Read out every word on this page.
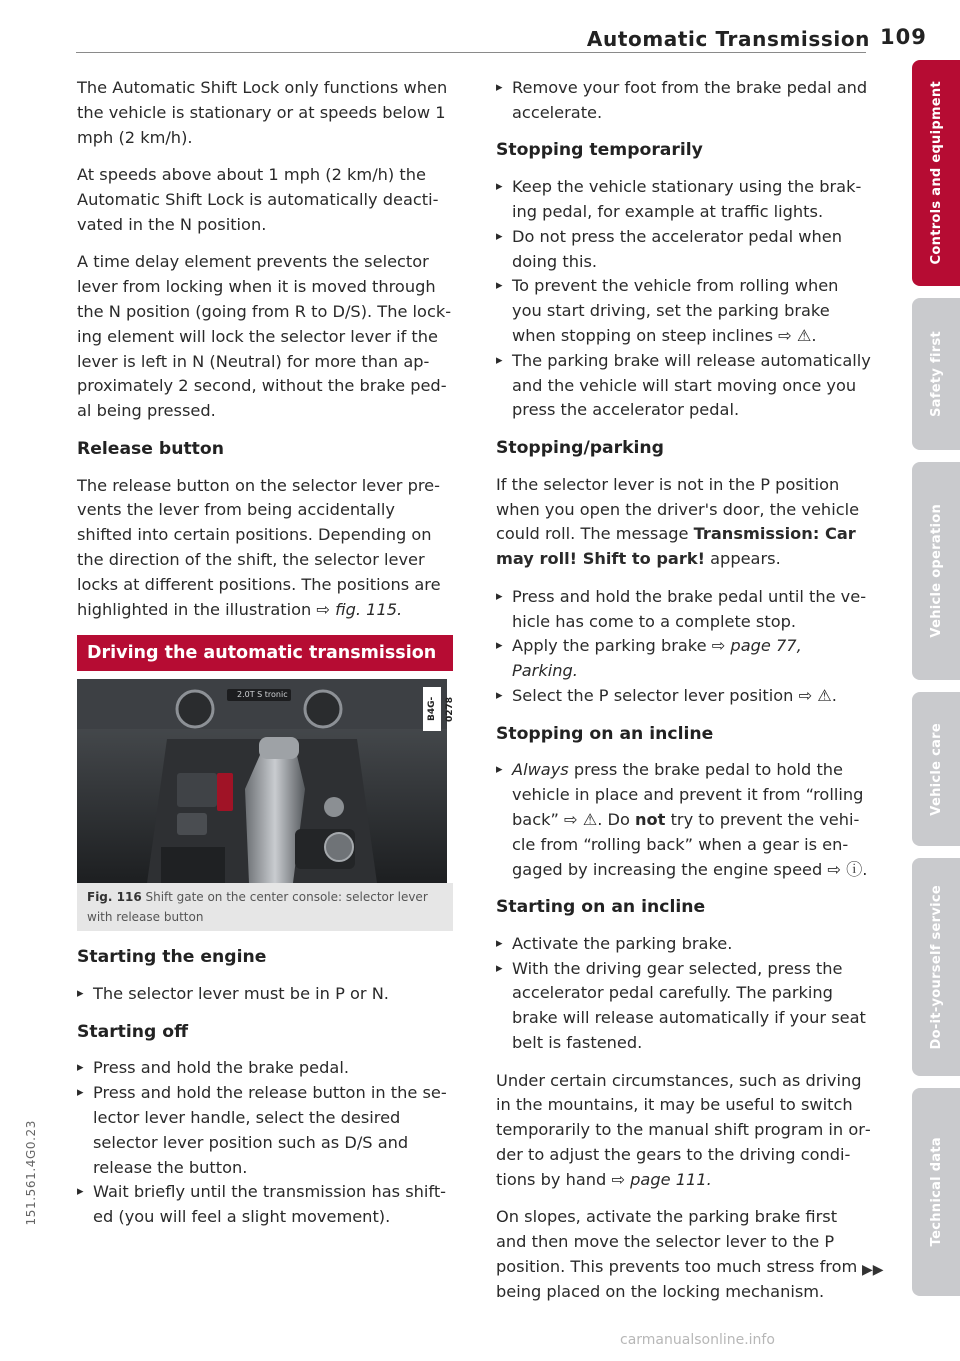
Automatic Transmission 109

The Automatic Shift Lock only functions when the vehicle is stationary or at speeds below 1 mph (2 km/h).

At speeds above about 1 mph (2 km/h) the Automatic Shift Lock is automatically deactivated in the N position.

A time delay element prevents the selector lever from locking when it is moved through the N position (going from R to D/S). The locking element will lock the selector lever if the lever is left in N (Neutral) for more than approximately 2 second, without the brake pedal being pressed.

Release button

The release button on the selector lever prevents the lever from being accidentally shifted into certain positions. Depending on the direction of the shift, the selector lever locks at different positions. The positions are highlighted in the illustration ⇨ fig. 115.

Driving the automatic transmission
B4G-0278
2.0T S tronic
Fig. 116 Shift gate on the center console: selector lever with release button
Starting the engine

▸ The selector lever must be in P or N.

Starting off

▸ Press and hold the brake pedal.

▸ Press and hold the release button in the selector lever handle, select the desired selector lever position such as D/S and release the button.

▸ Wait briefly until the transmission has shifted (you will feel a slight movement).

▸ Remove your foot from the brake pedal and accelerate.

Stopping temporarily

▸ Keep the vehicle stationary using the braking pedal, for example at traffic lights.

▸ Do not press the accelerator pedal when doing this.

▸ To prevent the vehicle from rolling when you start driving, set the parking brake when stopping on steep inclines ⇨ ⚠.

▸ The parking brake will release automatically and the vehicle will start moving once you press the accelerator pedal.

Stopping/parking

If the selector lever is not in the P position when you open the driver's door, the vehicle could roll. The message Transmission: Car may roll! Shift to park! appears.

▸ Press and hold the brake pedal until the vehicle has come to a complete stop.

▸ Apply the parking brake ⇨ page 77, Parking.

▸ Select the P selector lever position ⇨ ⚠.

Stopping on an incline

▸ Always press the brake pedal to hold the vehicle in place and prevent it from “rolling back” ⇨ ⚠. Do not try to prevent the vehicle from “rolling back” when a gear is engaged by increasing the engine speed ⇨ ⓘ.

Starting on an incline

▸ Activate the parking brake.

▸ With the driving gear selected, press the accelerator pedal carefully. The parking brake will release automatically if your seat belt is fastened.

Under certain circumstances, such as driving in the mountains, it may be useful to switch temporarily to the manual shift program in order to adjust the gears to the driving conditions by hand ⇨ page 111.

On slopes, activate the parking brake first and then move the selector lever to the P position. This prevents too much stress from being placed on the locking mechanism.

▶▶
Controls and equipment
Safety first
Vehicle operation
Vehicle care
Do-it-yourself service
Technical data
151.561.4G0.23
carmanualsonline.info
